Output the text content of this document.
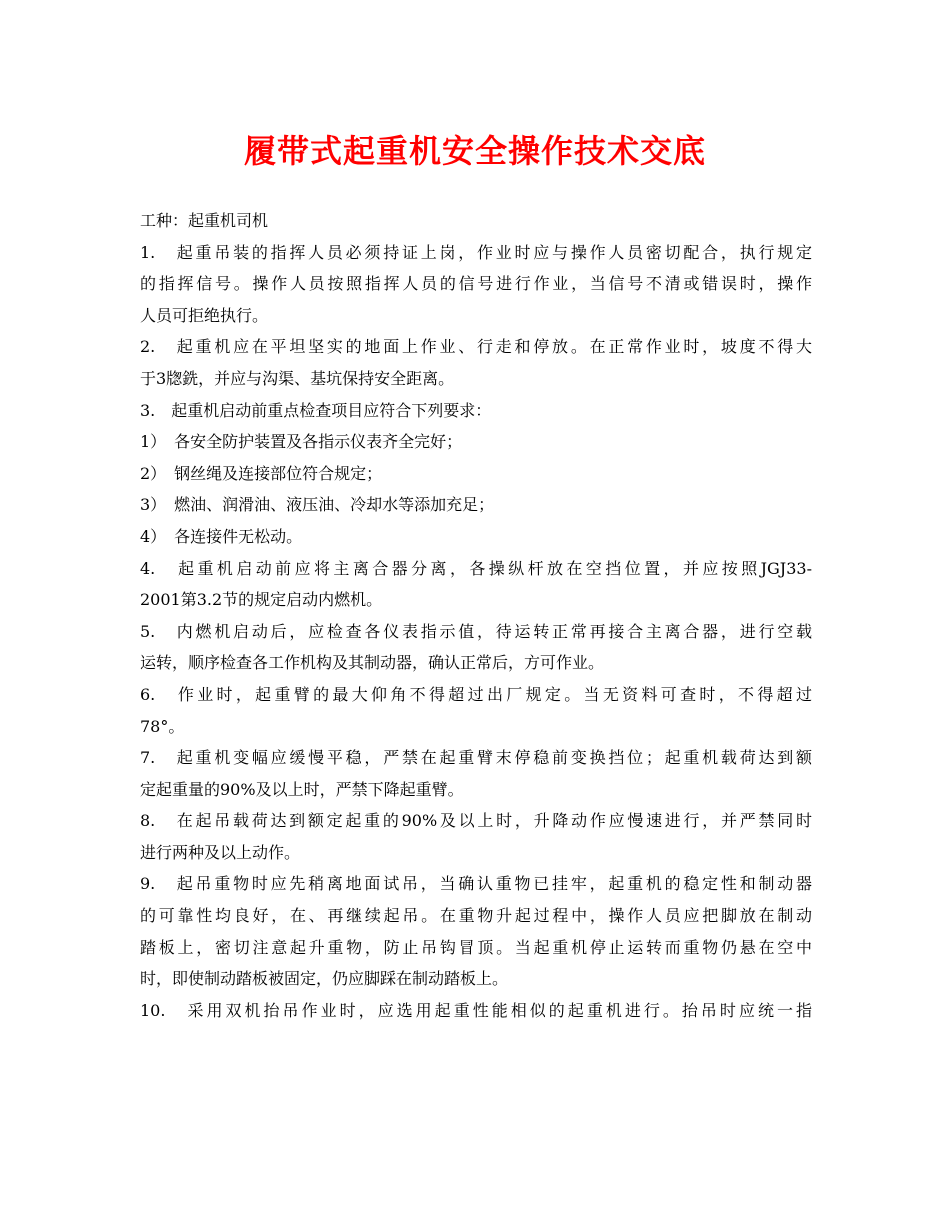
履带式起重机安全操作技术交底
工种：起重机司机
1.　起重吊装的指挥人员必须持证上岗，作业时应与操作人员密切配合，执行规定
的指挥信号。操作人员按照指挥人员的信号进行作业，当信号不清或错误时，操作
人员可拒绝执行。
2.　起重机应在平坦坚实的地面上作业、行走和停放。在正常作业时，坡度不得大
于3牎銑，并应与沟渠、基坑保持安全距离。
3.　起重机启动前重点检查项目应符合下列要求：
1）　各安全防护装置及各指示仪表齐全完好；
2）　钢丝绳及连接部位符合规定；
3）　燃油、润滑油、液压油、冷却水等添加充足；
4）　各连接件无松动。
4.　起重机启动前应将主离合器分离，各操纵杆放在空挡位置，并应按照JGJ33-
2001第3.2节的规定启动内燃机。
5.　内燃机启动后，应检查各仪表指示值，待运转正常再接合主离合器，进行空载
运转，顺序检查各工作机构及其制动器，确认正常后，方可作业。
6.　作业时，起重臂的最大仰角不得超过出厂规定。当无资料可查时，不得超过
78°。
7.　起重机变幅应缓慢平稳，严禁在起重臂末停稳前变换挡位；起重机载荷达到额
定起重量的90%及以上时，严禁下降起重臂。
8.　在起吊载荷达到额定起重的90%及以上时，升降动作应慢速进行，并严禁同时
进行两种及以上动作。
9.　起吊重物时应先稍离地面试吊，当确认重物已挂牢，起重机的稳定性和制动器
的可靠性均良好，在、再继续起吊。在重物升起过程中，操作人员应把脚放在制动
踏板上，密切注意起升重物，防止吊钩冒顶。当起重机停止运转而重物仍悬在空中
时，即使制动踏板被固定，仍应脚踩在制动踏板上。
10.　采用双机抬吊作业时，应选用起重性能相似的起重机进行。抬吊时应统一指
